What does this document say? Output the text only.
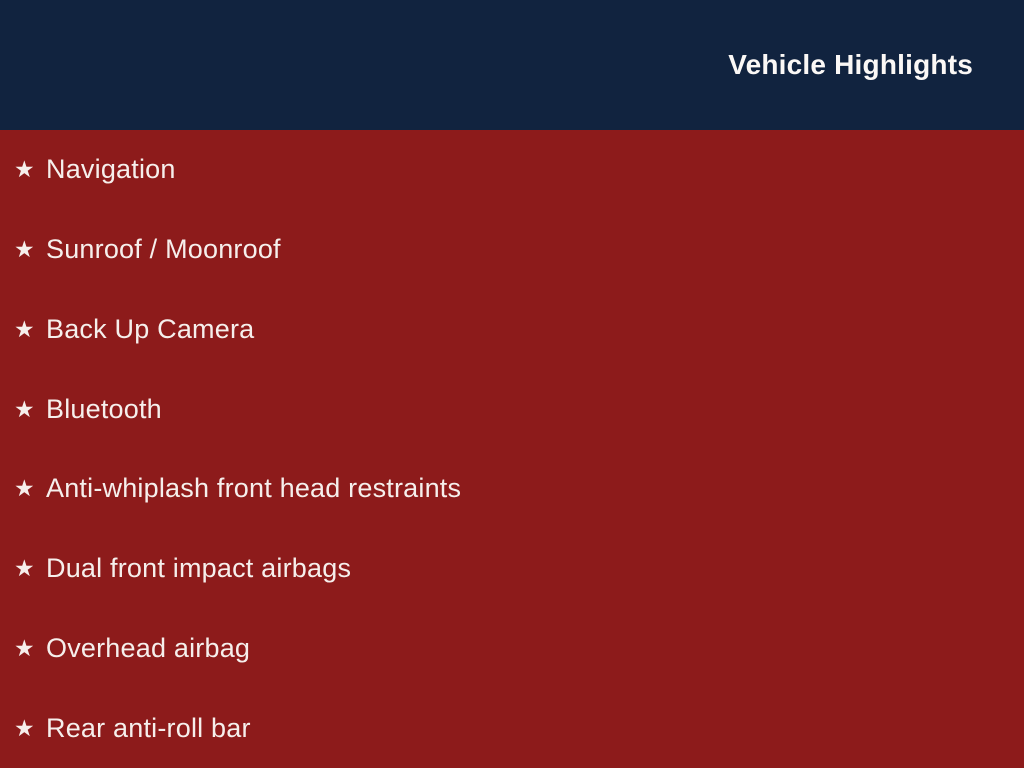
Vehicle Highlights
★ Navigation
★ Sunroof / Moonroof
★ Back Up Camera
★ Bluetooth
★ Anti-whiplash front head restraints
★ Dual front impact airbags
★ Overhead airbag
★ Rear anti-roll bar
